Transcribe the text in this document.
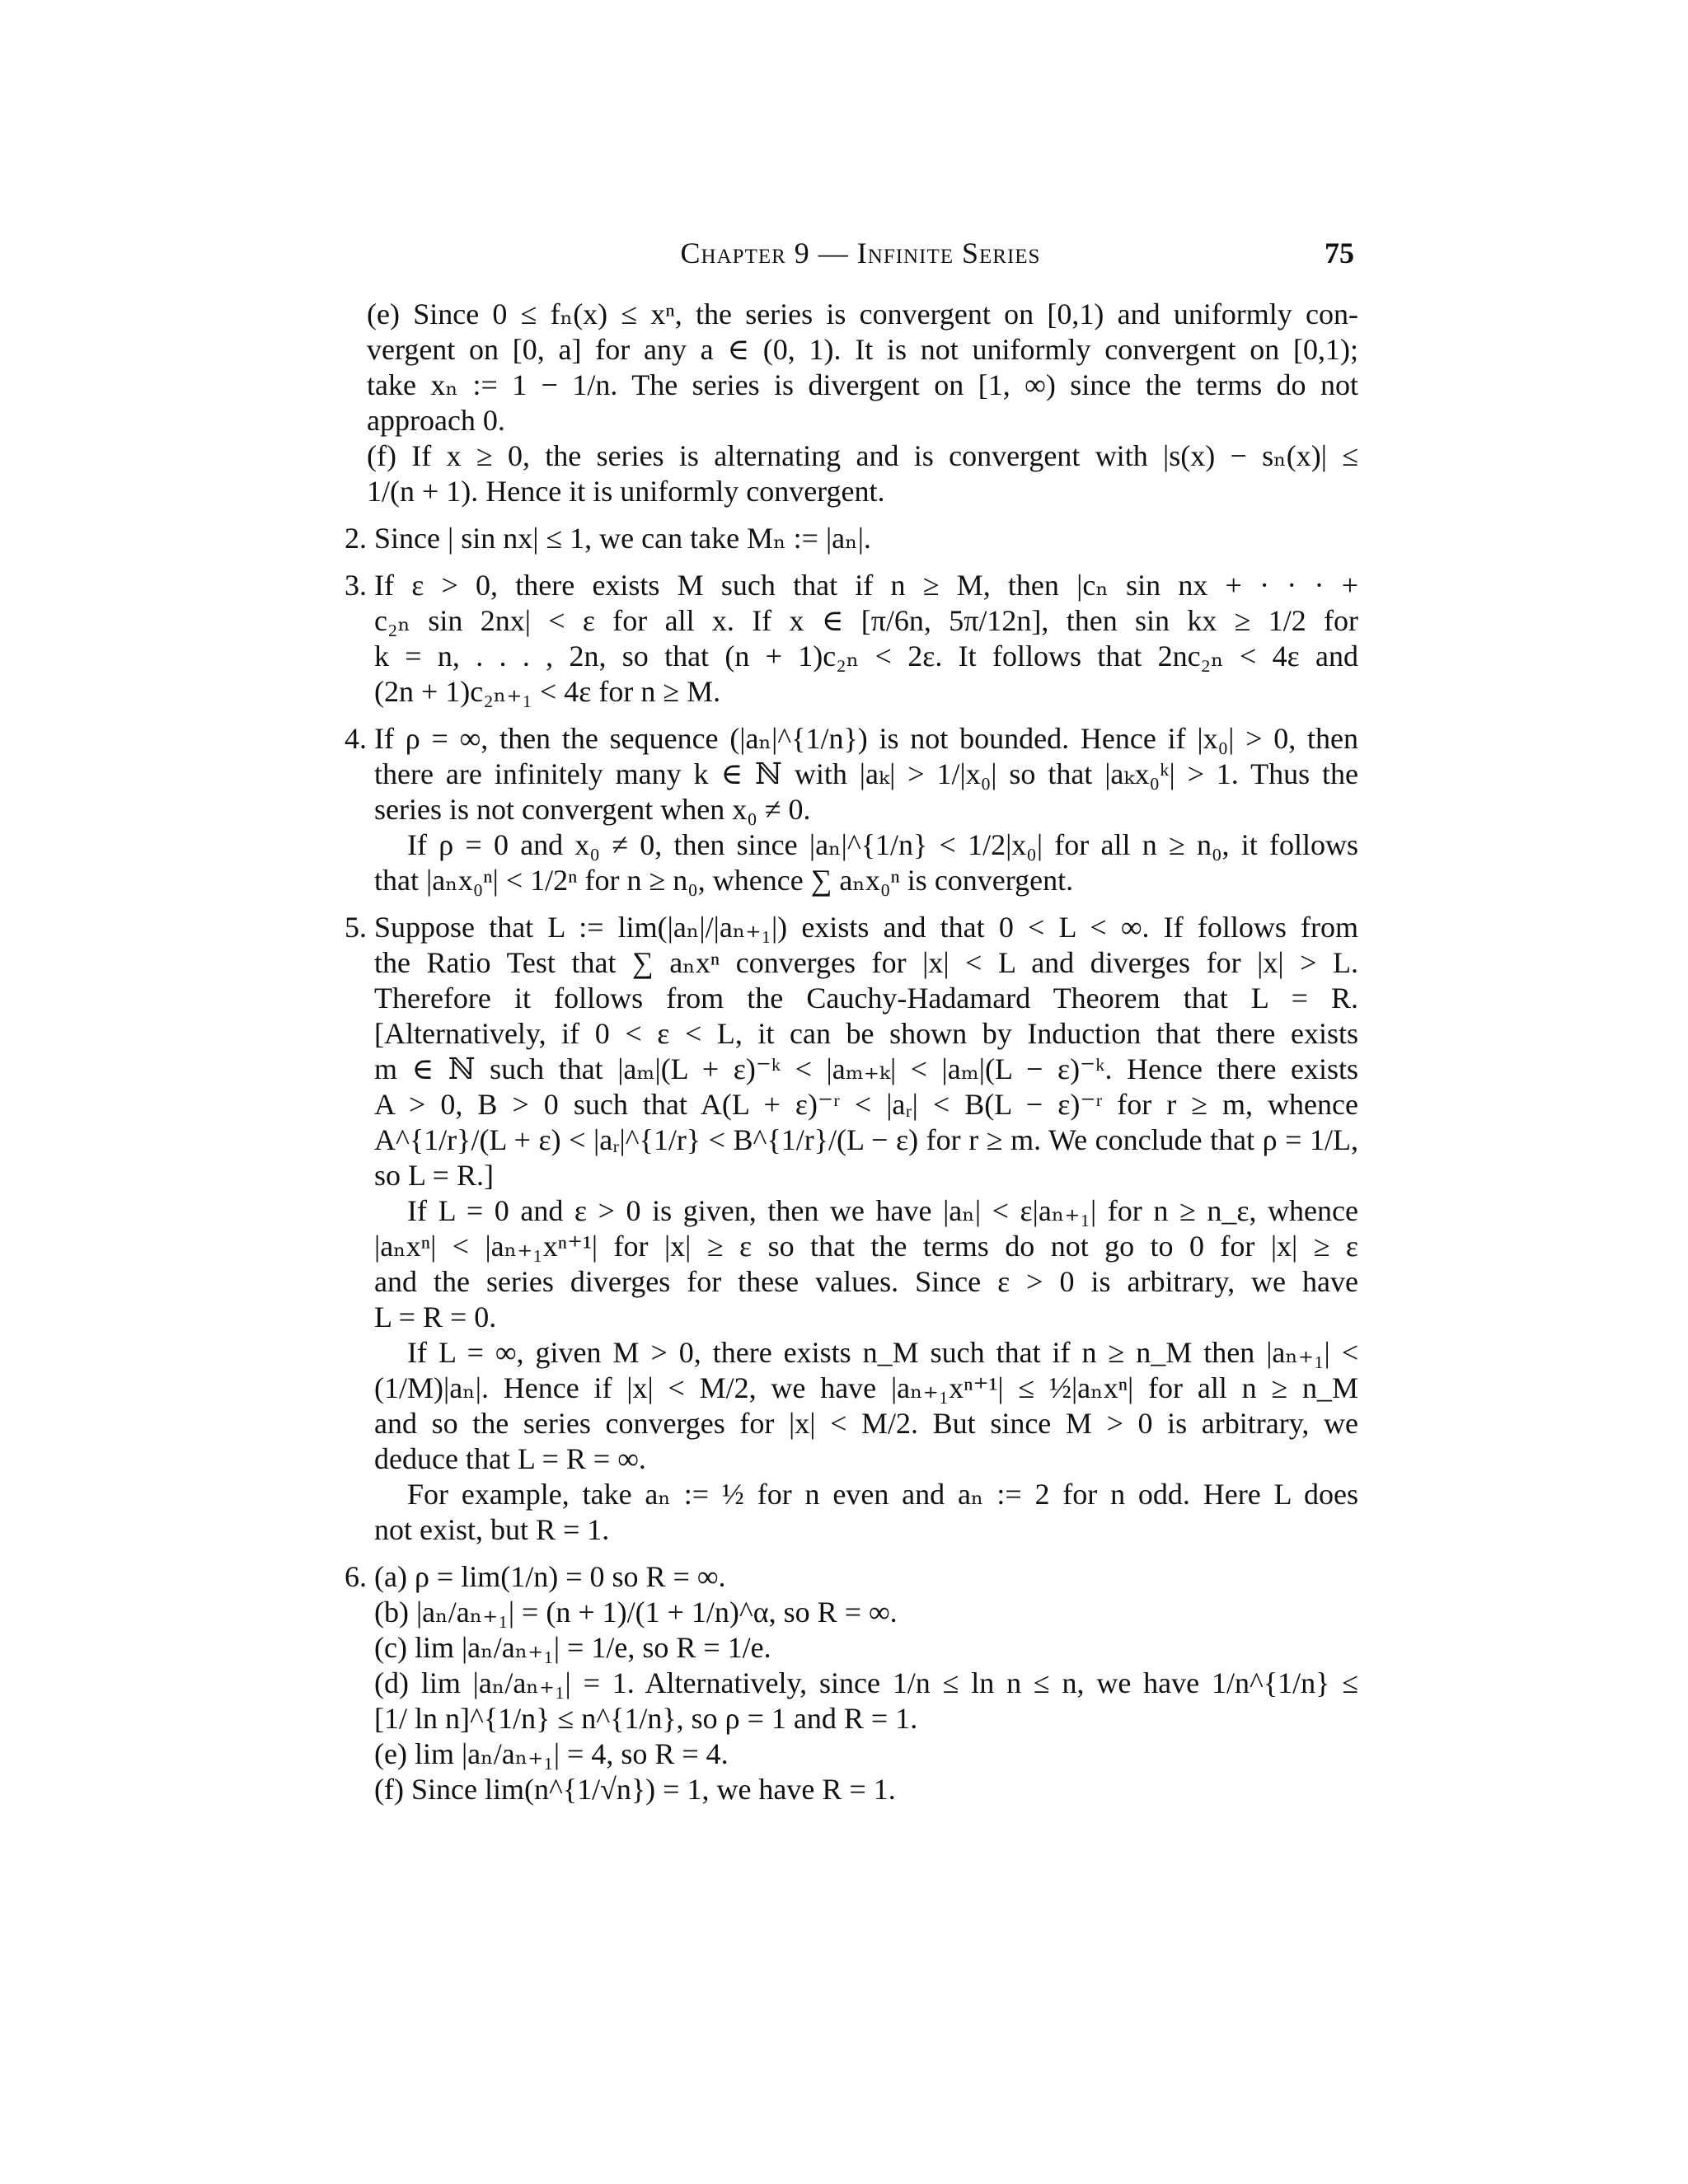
Chapter 9 — Infinite Series	75
(e) Since 0 ≤ fₙ(x) ≤ xⁿ, the series is convergent on [0,1) and uniformly con-
vergent on [0, a] for any a ∈ (0, 1). It is not uniformly convergent on [0,1);
take xₙ := 1 − 1/n. The series is divergent on [1, ∞) since the terms do not
approach 0.
(f) If x ≥ 0, the series is alternating and is convergent with |s(x) − sₙ(x)| ≤
1/(n + 1). Hence it is uniformly convergent.
2. Since | sin nx| ≤ 1, we can take Mₙ := |aₙ|.
3. If ε > 0, there exists M such that if n ≥ M, then |cₙ sin nx + · · · +
c₂ₙ sin 2nx| < ε for all x. If x ∈ [π/6n, 5π/12n], then sin kx ≥ 1/2 for
k = n, . . . , 2n, so that (n + 1)c₂ₙ < 2ε. It follows that 2nc₂ₙ < 4ε and
(2n + 1)c₂ₙ₊₁ < 4ε for n ≥ M.
4. If ρ = ∞, then the sequence (|aₙ|^{1/n}) is not bounded. Hence if |x₀| > 0, then
there are infinitely many k ∈ ℕ with |aₖ| > 1/|x₀| so that |aₖx₀ᵏ| > 1. Thus the
series is not convergent when x₀ ≠ 0.
If ρ = 0 and x₀ ≠ 0, then since |aₙ|^{1/n} < 1/2|x₀| for all n ≥ n₀, it follows
that |aₙx₀ⁿ| < 1/2ⁿ for n ≥ n₀, whence ∑ aₙx₀ⁿ is convergent.
5. Suppose that L := lim(|aₙ|/|aₙ₊₁|) exists and that 0 < L < ∞. If follows from
the Ratio Test that ∑ aₙxⁿ converges for |x| < L and diverges for |x| > L.
Therefore it follows from the Cauchy-Hadamard Theorem that L = R.
[Alternatively, if 0 < ε < L, it can be shown by Induction that there exists
m ∈ ℕ such that |aₘ|(L + ε)⁻ᵏ < |aₘ₊ₖ| < |aₘ|(L − ε)⁻ᵏ. Hence there exists
A > 0, B > 0 such that A(L + ε)⁻ʳ < |aᵣ| < B(L − ε)⁻ʳ for r ≥ m, whence
A^{1/r}/(L + ε) < |aᵣ|^{1/r} < B^{1/r}/(L − ε) for r ≥ m. We conclude that ρ = 1/L,
so L = R.]
If L = 0 and ε > 0 is given, then we have |aₙ| < ε|aₙ₊₁| for n ≥ n_ε, whence
|aₙxⁿ| < |aₙ₊₁xⁿ⁺¹| for |x| ≥ ε so that the terms do not go to 0 for |x| ≥ ε
and the series diverges for these values. Since ε > 0 is arbitrary, we have
L = R = 0.
If L = ∞, given M > 0, there exists n_M such that if n ≥ n_M then |aₙ₊₁| <
(1/M)|aₙ|. Hence if |x| < M/2, we have |aₙ₊₁xⁿ⁺¹| ≤ ½|aₙxⁿ| for all n ≥ n_M
and so the series converges for |x| < M/2. But since M > 0 is arbitrary, we
deduce that L = R = ∞.
For example, take aₙ := ½ for n even and aₙ := 2 for n odd. Here L does
not exist, but R = 1.
6. (a) ρ = lim(1/n) = 0 so R = ∞.
(b) |aₙ/aₙ₊₁| = (n + 1)/(1 + 1/n)^α, so R = ∞.
(c) lim |aₙ/aₙ₊₁| = 1/e, so R = 1/e.
(d) lim |aₙ/aₙ₊₁| = 1. Alternatively, since 1/n ≤ ln n ≤ n, we have 1/n^{1/n} ≤
[1/ ln n]^{1/n} ≤ n^{1/n}, so ρ = 1 and R = 1.
(e) lim |aₙ/aₙ₊₁| = 4, so R = 4.
(f) Since lim(n^{1/√n}) = 1, we have R = 1.
